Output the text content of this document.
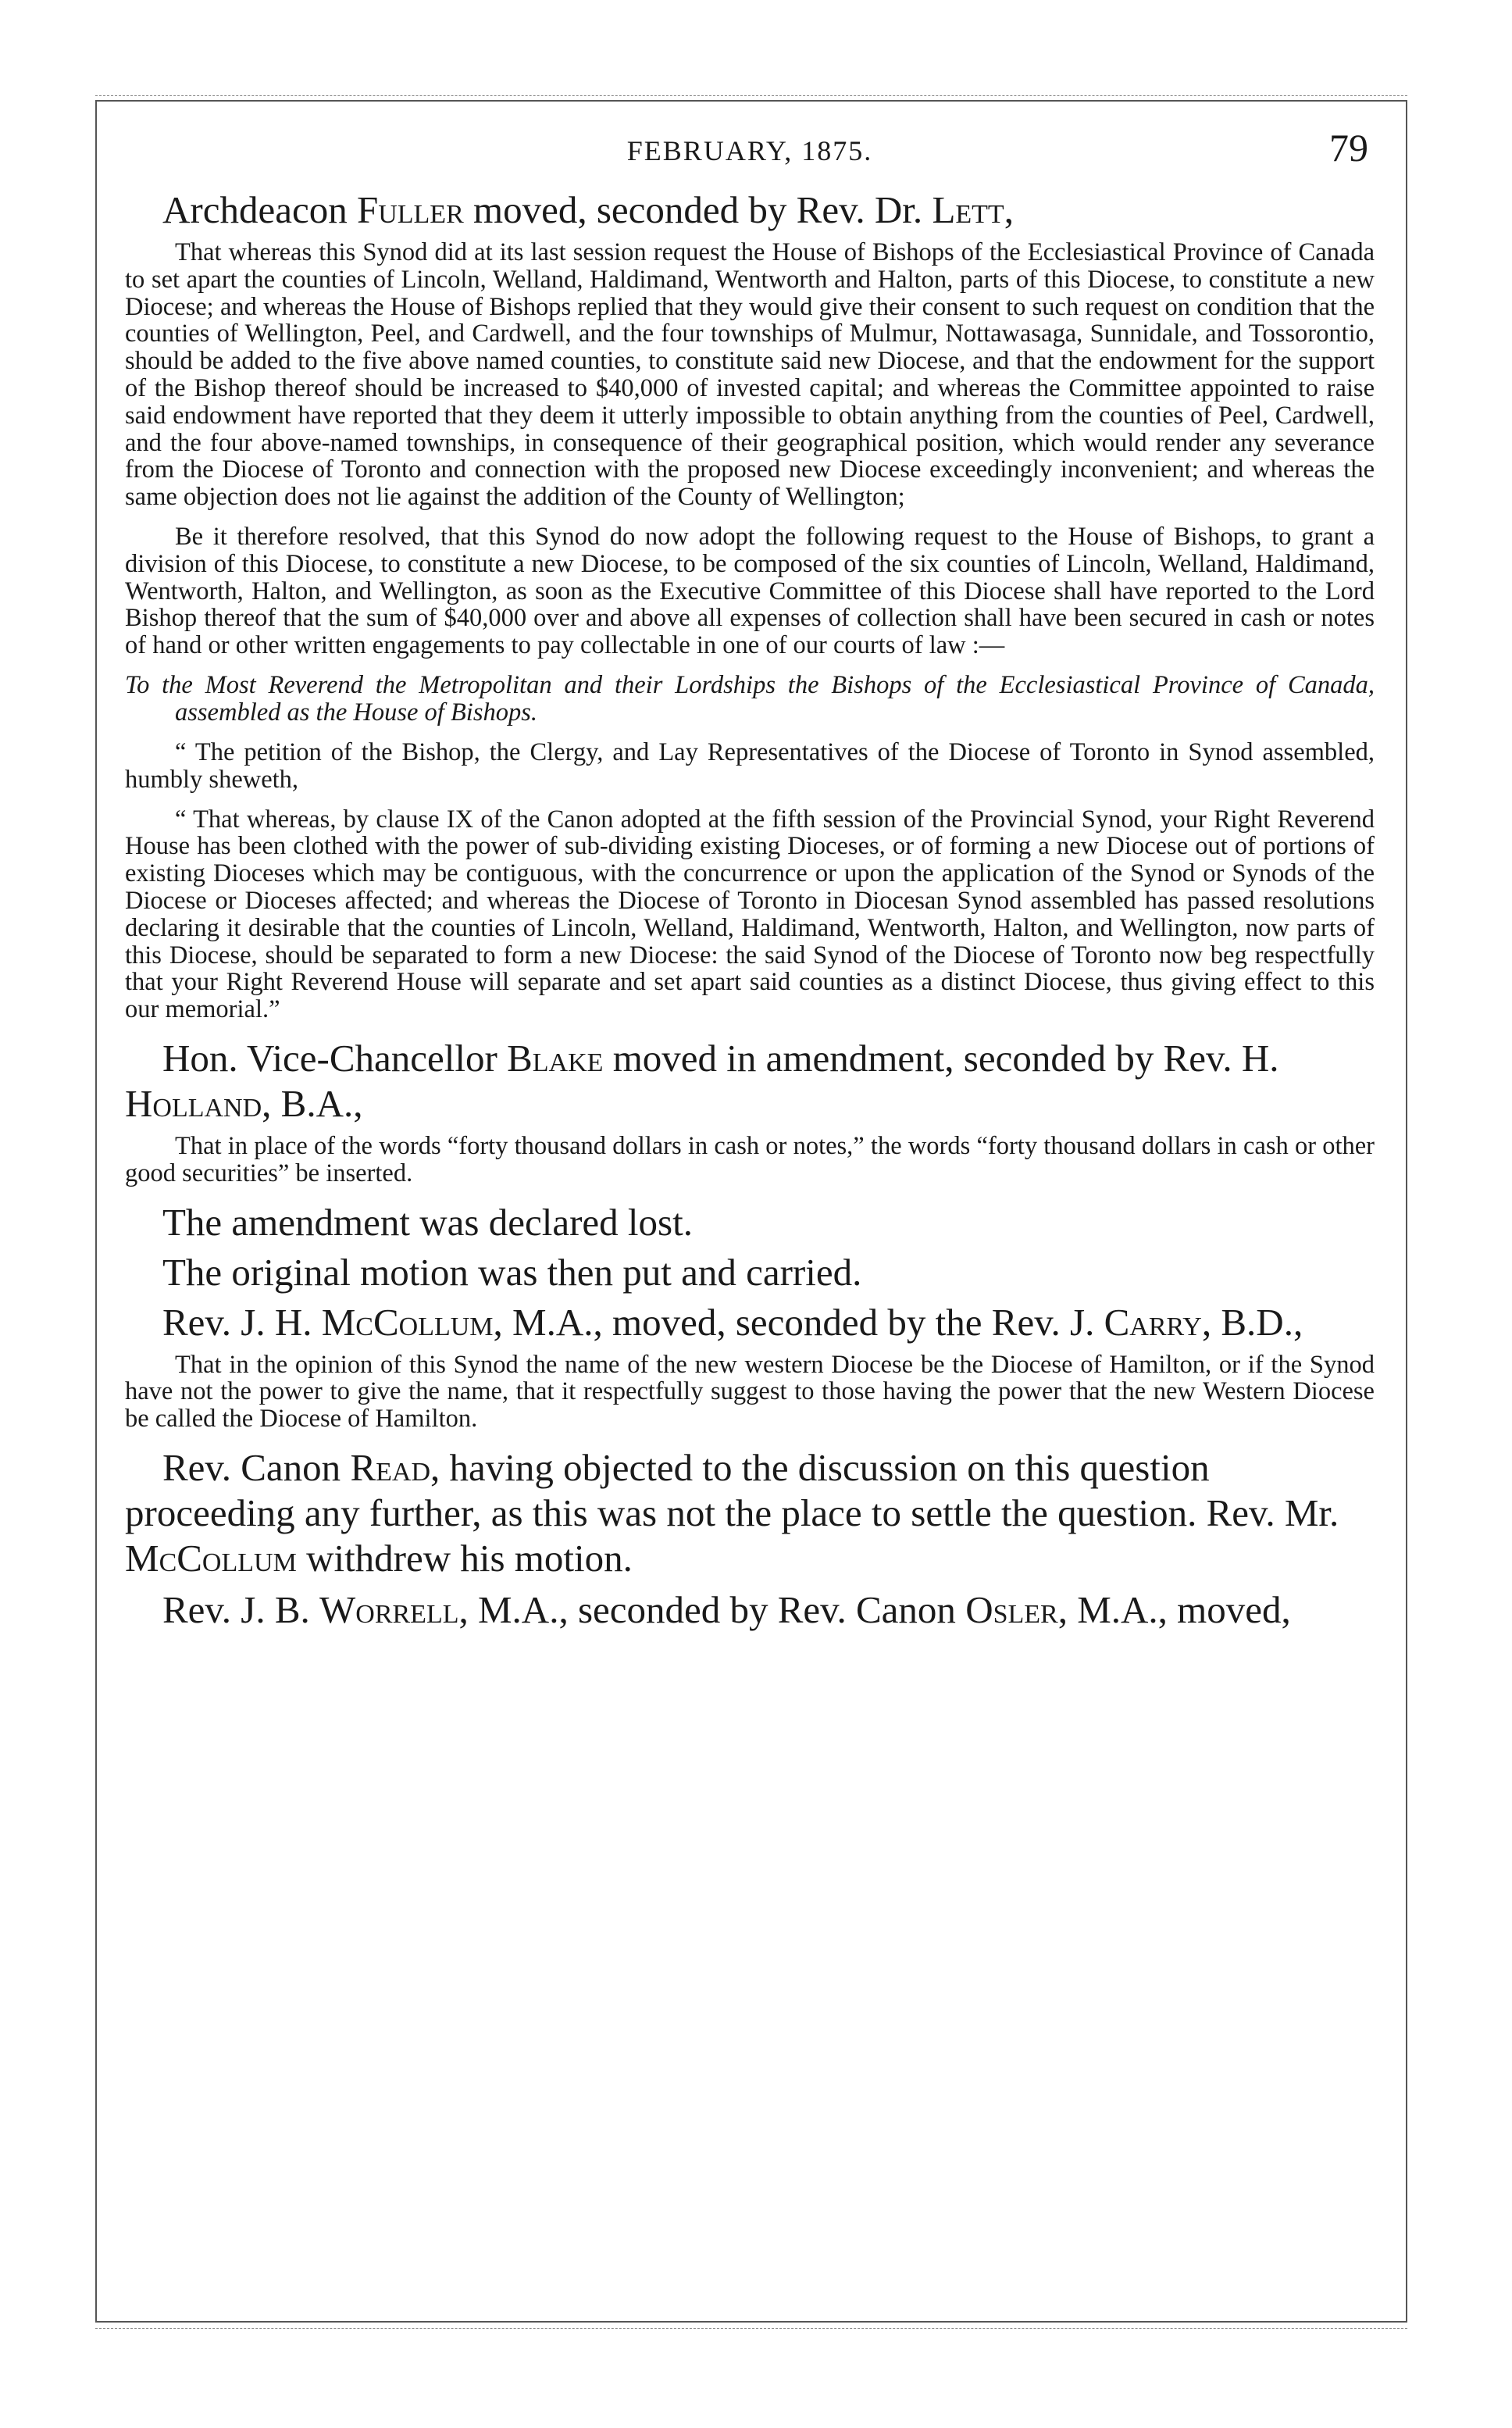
FEBRUARY, 1875.	79

Archdeacon Fuller moved, seconded by Rev. Dr. Lett,

That whereas this Synod did at its last session request the House of Bishops of the Ecclesiastical Province of Canada to set apart the counties of Lincoln, Welland, Haldimand, Wentworth and Halton, parts of this Diocese, to constitute a new Diocese; and whereas the House of Bishops replied that they would give their consent to such request on condition that the counties of Wellington, Peel, and Cardwell, and the four townships of Mulmur, Nottawasaga, Sunnidale, and Tossorontio, should be added to the five above named counties, to constitute said new Diocese, and that the endowment for the support of the Bishop thereof should be increased to $40,000 of invested capital; and whereas the Committee appointed to raise said endowment have reported that they deem it utterly impossible to obtain anything from the counties of Peel, Cardwell, and the four above-named townships, in consequence of their geographical position, which would render any severance from the Diocese of Toronto and connection with the proposed new Diocese exceedingly inconvenient; and whereas the same objection does not lie against the addition of the County of Wellington;

Be it therefore resolved, that this Synod do now adopt the following request to the House of Bishops, to grant a division of this Diocese, to constitute a new Diocese, to be composed of the six counties of Lincoln, Welland, Haldimand, Wentworth, Halton, and Wellington, as soon as the Executive Committee of this Diocese shall have reported to the Lord Bishop thereof that the sum of $40,000 over and above all expenses of collection shall have been secured in cash or notes of hand or other written engagements to pay collectable in one of our courts of law :—

To the Most Reverend the Metropolitan and their Lordships the Bishops of the Ecclesiastical Province of Canada, assembled as the House of Bishops.

“ The petition of the Bishop, the Clergy, and Lay Representatives of the Diocese of Toronto in Synod assembled, humbly sheweth,

“ That whereas, by clause IX of the Canon adopted at the fifth session of the Provincial Synod, your Right Reverend House has been clothed with the power of sub-dividing existing Dioceses, or of forming a new Diocese out of portions of existing Dioceses which may be contiguous, with the concurrence or upon the application of the Synod or Synods of the Diocese or Dioceses affected; and whereas the Diocese of Toronto in Diocesan Synod assembled has passed resolutions declaring it desirable that the counties of Lincoln, Welland, Haldimand, Wentworth, Halton, and Wellington, now parts of this Diocese, should be separated to form a new Diocese: the said Synod of the Diocese of Toronto now beg respectfully that your Right Reverend House will separate and set apart said counties as a distinct Diocese, thus giving effect to this our memorial.”

Hon. Vice-Chancellor Blake moved in amendment, seconded by Rev. H. Holland, B.A.,

That in place of the words “forty thousand dollars in cash or notes,” the words “forty thousand dollars in cash or other good securities” be inserted.

The amendment was declared lost.

The original motion was then put and carried.

Rev. J. H. McCollum, M.A., moved, seconded by the Rev. J. Carry, B.D.,

That in the opinion of this Synod the name of the new western Diocese be the Diocese of Hamilton, or if the Synod have not the power to give the name, that it respectfully suggest to those having the power that the new Western Diocese be called the Diocese of Hamilton.

Rev. Canon Read, having objected to the discussion on this question proceeding any further, as this was not the place to settle the question. Rev. Mr. McCollum withdrew his motion.

Rev. J. B. Worrell, M.A., seconded by Rev. Canon Osler, M.A., moved,
